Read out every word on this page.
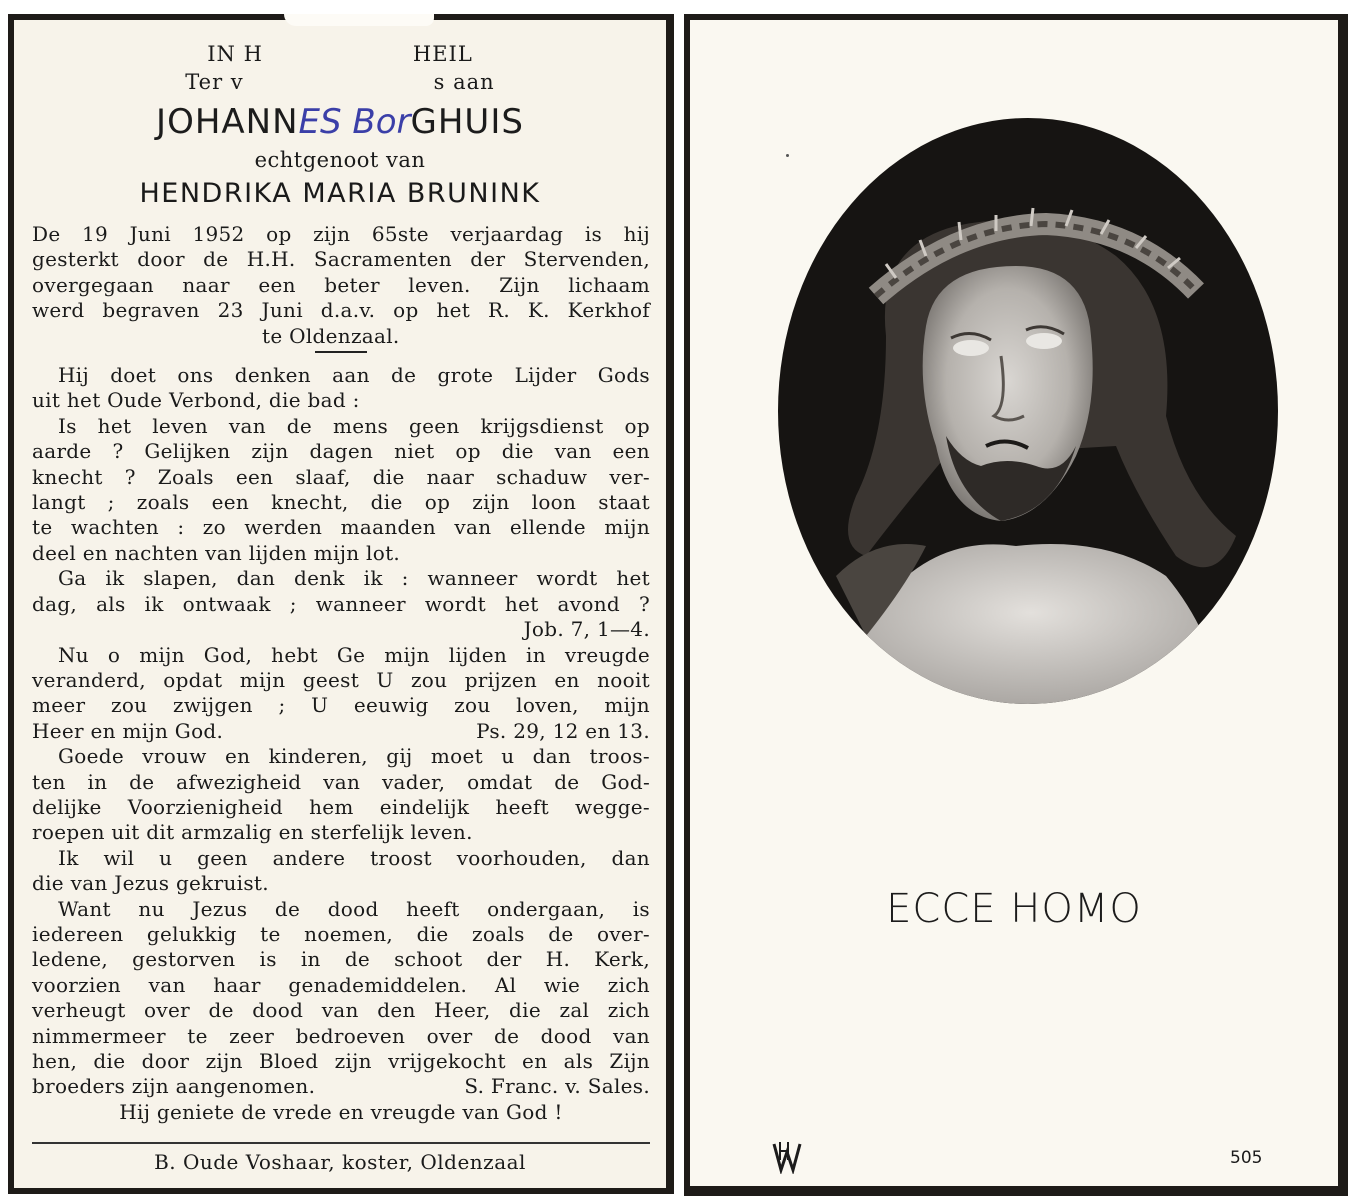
IN H	HEIL
Ter v	s aan
JOHANNES BorGHUIS
echtgenoot van
HENDRIKA MARIA BRUNINK
De 19 Juni 1952 op zijn 65ste verjaardag is hij
gesterkt door de H.H. Sacramenten der Stervenden,
overgegaan naar een beter leven. Zijn lichaam
werd begraven 23 Juni d.a.v. op het R. K. Kerkhof
te Oldenzaal.
Hij doet ons denken aan de grote Lijder Gods
uit het Oude Verbond, die bad :
Is het leven van de mens geen krijgsdienst op
aarde ? Gelijken zijn dagen niet op die van een
knecht ? Zoals een slaaf, die naar schaduw ver-
langt ; zoals een knecht, die op zijn loon staat
te wachten : zo werden maanden van ellende mijn
deel en nachten van lijden mijn lot.
Ga ik slapen, dan denk ik : wanneer wordt het
dag, als ik ontwaak ; wanneer wordt het avond ?
Job. 7, 1—4.
Nu o mijn God, hebt Ge mijn lijden in vreugde
veranderd, opdat mijn geest U zou prijzen en nooit
meer zou zwijgen ; U eeuwig zou loven, mijn
Heer en mijn God.	Ps. 29, 12 en 13.
Goede vrouw en kinderen, gij moet u dan troos-
ten in de afwezigheid van vader, omdat de God-
delijke Voorzienigheid hem eindelijk heeft wegge-
roepen uit dit armzalig en sterfelijk leven.
Ik wil u geen andere troost voorhouden, dan
die van Jezus gekruist.
Want nu Jezus de dood heeft ondergaan, is
iedereen gelukkig te noemen, die zoals de over-
ledene, gestorven is in de schoot der H. Kerk,
voorzien van haar genademiddelen. Al wie zich
verheugt over de dood van den Heer, die zal zich
nimmermeer te zeer bedroeven over de dood van
hen, die door zijn Bloed zijn vrijgekocht en als Zijn
broeders zijn aangenomen.	S. Franc. v. Sales.
Hij geniete de vrede en vreugde van God !
B. Oude Voshaar, koster, Oldenzaal
ECCE HOMO
505
